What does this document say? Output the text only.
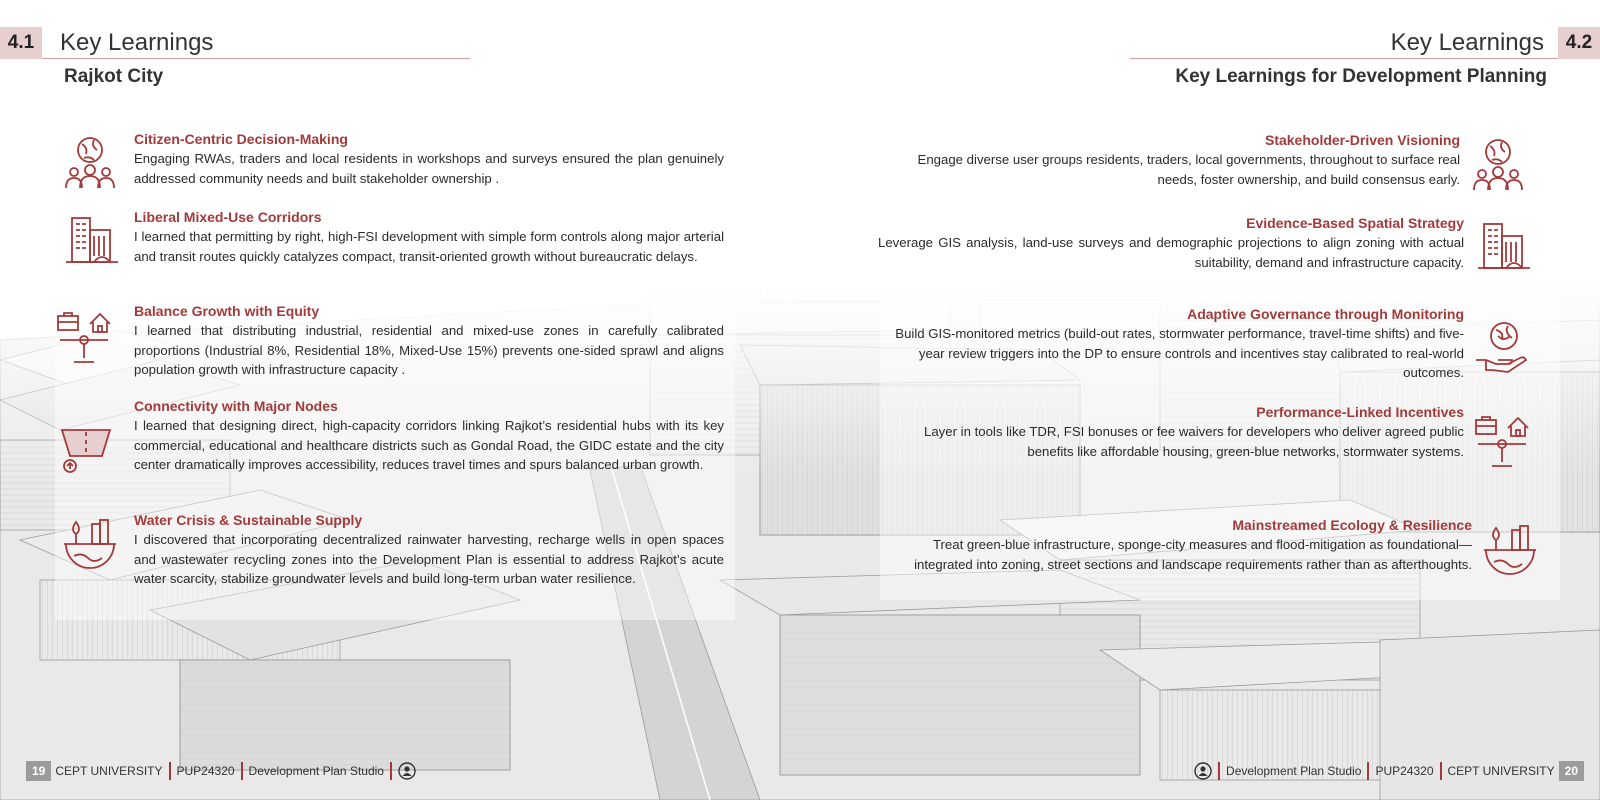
4.1	Key Learnings
Rajkot City
Citizen-Centric Decision-Making

Engaging RWAs, traders and local residents in workshops and surveys ensured the plan genuinely addressed community needs and built stakeholder ownership .

Liberal Mixed-Use Corridors

I learned that permitting by right, high-FSI development with simple form controls along major arterial and transit routes quickly catalyzes compact, transit-oriented growth without bureaucratic delays.

Balance Growth with Equity

I learned that distributing industrial, residential and mixed-use zones in carefully calibrated proportions (Industrial 8%, Residential 18%, Mixed-Use 15%) prevents one-sided sprawl and aligns population growth with infrastructure capacity .

Connectivity with Major Nodes

I learned that designing direct, high-capacity corridors linking Rajkot’s residential hubs with its key commercial, educational and healthcare districts such as Gondal Road, the GIDC estate and the city center dramatically improves accessibility, reduces travel times and spurs balanced urban growth.

Water Crisis & Sustainable Supply

I discovered that incorporating decentralized rainwater harvesting, recharge wells in open spaces and wastewater recycling zones into the Development Plan is essential to address Rajkot’s acute water scarcity, stabilize groundwater levels and build long-term urban water resilience.

19 CEPT UNIVERSITY PUP24320 Development Plan Studio
4.2
Key Learnings
Key Learnings for Development Planning
Stakeholder-Driven Visioning

Engage diverse user groups residents, traders, local governments, throughout to surface real needs, foster ownership, and build consensus early.

Evidence-Based Spatial Strategy

Leverage GIS analysis, land-use surveys and demographic projections to align zoning with actual suitability, demand and infrastructure capacity.

Adaptive Governance through Monitoring

Build GIS-monitored metrics (build-out rates, stormwater performance, travel-time shifts) and five-year review triggers into the DP to ensure controls and incentives stay calibrated to real-world outcomes.

Performance-Linked Incentives

Layer in tools like TDR, FSI bonuses or fee waivers for developers who deliver agreed public benefits like affordable housing, green-blue networks, stormwater systems.

Mainstreamed Ecology & Resilience

Treat green-blue infrastructure, sponge-city measures and flood-mitigation as foundational—integrated into zoning, street sections and landscape requirements rather than as afterthoughts.

Development Plan Studio PUP24320 CEPT UNIVERSITY 20
